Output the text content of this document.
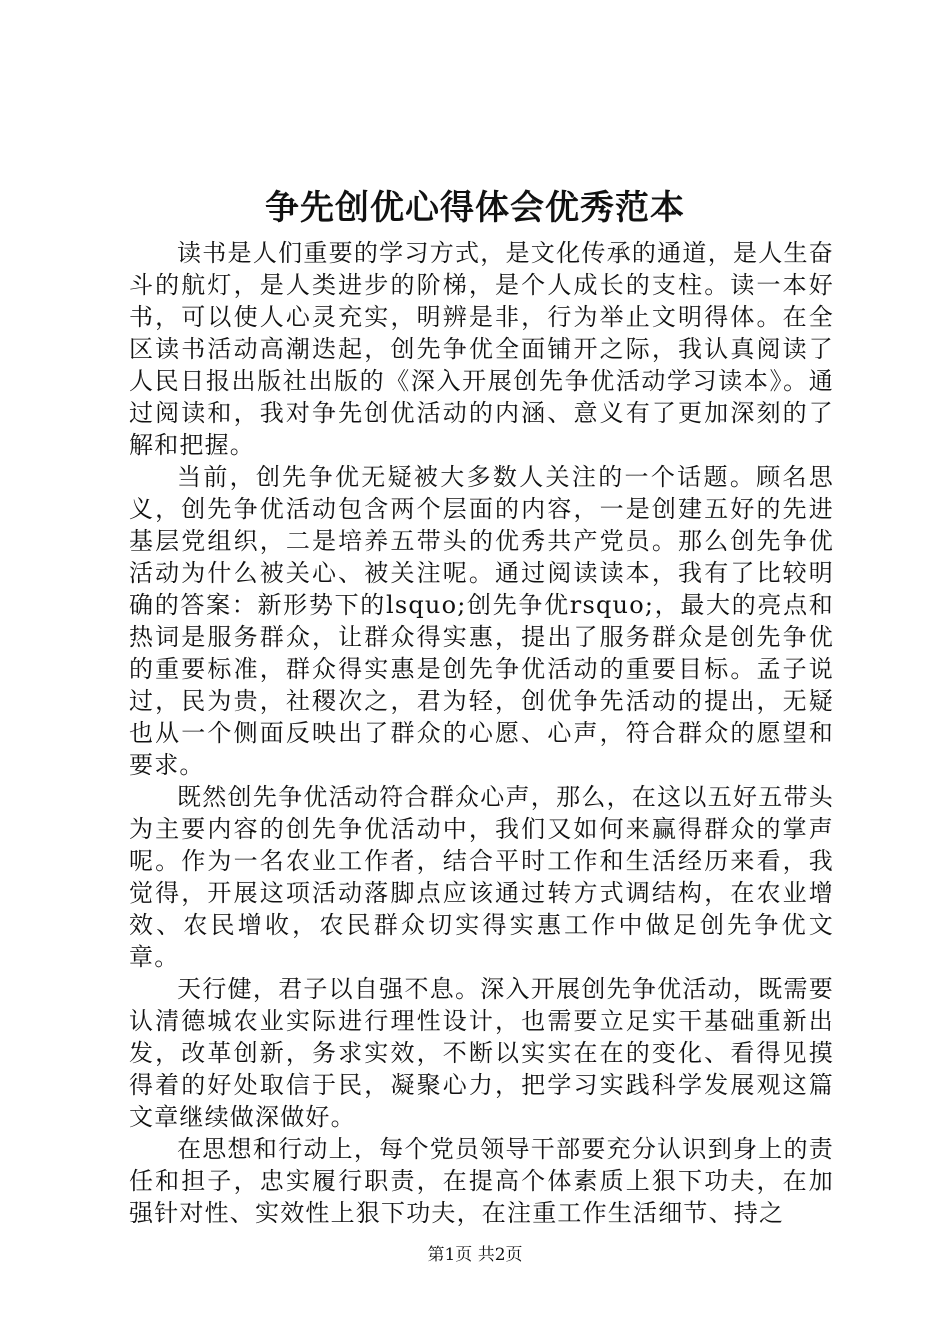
争先创优心得体会优秀范本

读书是人们重要的学习方式，是文化传承的通道，是人生奋斗的航灯，是人类进步的阶梯，是个人成长的支柱。读一本好书，可以使人心灵充实，明辨是非，行为举止文明得体。在全区读书活动高潮迭起，创先争优全面铺开之际，我认真阅读了人民日报出版社出版的《深入开展创先争优活动学习读本》。通过阅读和，我对争先创优活动的内涵、意义有了更加深刻的了解和把握。

当前，创先争优无疑被大多数人关注的一个话题。顾名思义，创先争优活动包含两个层面的内容，一是创建五好的先进基层党组织，二是培养五带头的优秀共产党员。那么创先争优活动为什么被关心、被关注呢。通过阅读读本，我有了比较明确的答案：新形势下的lsquo;创先争优rsquo;，最大的亮点和热词是服务群众，让群众得实惠，提出了服务群众是创先争优的重要标准，群众得实惠是创先争优活动的重要目标。孟子说过，民为贵，社稷次之，君为轻，创优争先活动的提出，无疑也从一个侧面反映出了群众的心愿、心声，符合群众的愿望和要求。

既然创先争优活动符合群众心声，那么，在这以五好五带头为主要内容的创先争优活动中，我们又如何来赢得群众的掌声呢。作为一名农业工作者，结合平时工作和生活经历来看，我觉得，开展这项活动落脚点应该通过转方式调结构，在农业增效、农民增收，农民群众切实得实惠工作中做足创先争优文章。

天行健，君子以自强不息。深入开展创先争优活动，既需要认清德城农业实际进行理性设计，也需要立足实干基础重新出发，改革创新，务求实效，不断以实实在在的变化、看得见摸得着的好处取信于民，凝聚心力，把学习实践科学发展观这篇文章继续做深做好。

在思想和行动上，每个党员领导干部要充分认识到身上的责任和担子，忠实履行职责，在提高个体素质上狠下功夫，在加强针对性、实效性上狠下功夫，在注重工作生活细节、持之

第1页 共2页
